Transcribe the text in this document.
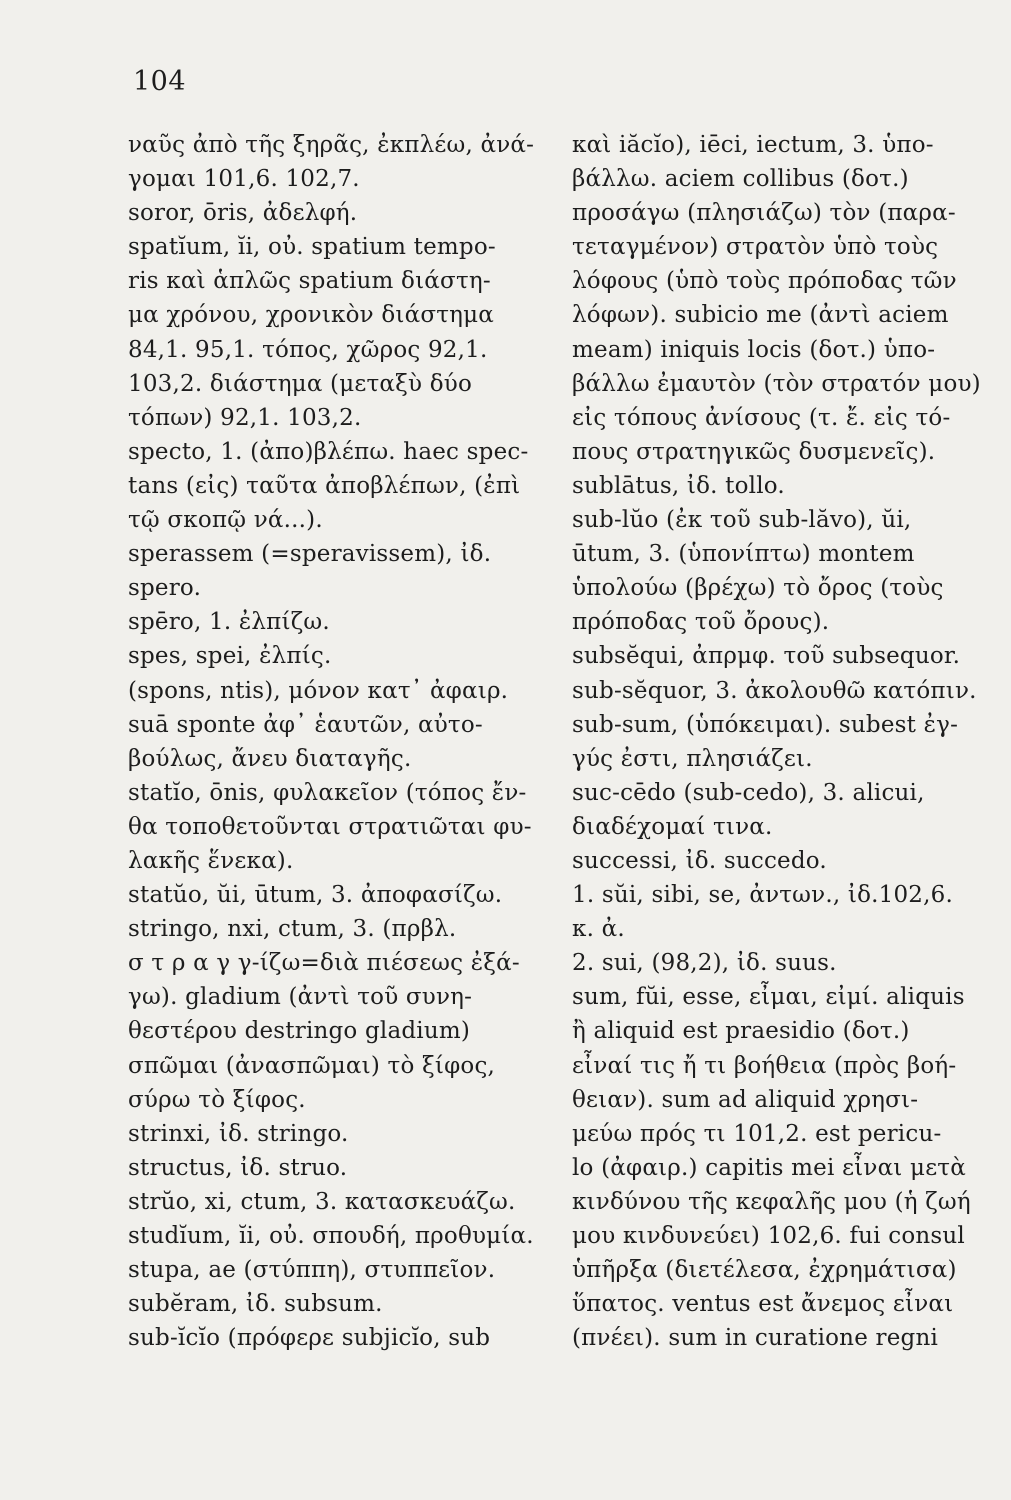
104
ναῦς ἀπὸ τῆς ξηρᾶς, ἐκπλέω, ἀνά-
γομαι 101,6. 102,7.
soror, ōris, ἀδελφή.
spatĭum, ĭi, οὐ. spatium tempo-
ris καὶ ἁπλῶς spatium διάστη-
μα χρόνου, χρονικὸν διάστημα
84,1. 95,1. τόπος, χῶρος 92,1.
103,2. διάστημα (μεταξὺ δύο
τόπων) 92,1. 103,2.
specto, 1. (ἀπο)βλέπω. haec spec-
tans (εἰς) ταῦτα ἀποβλέπων, (ἐπὶ
τῷ σκοπῷ νά...).
sperassem (=speravissem), ἰδ.
spero.
spēro, 1. ἐλπίζω.
spes, spei, ἐλπίς.
(spons, ntis), μόνον κατ᾽ ἀφαιρ.
suā sponte ἀφ᾽ ἑαυτῶν, αὐτο-
βούλως, ἄνευ διαταγῆς.
statĭo, ōnis, φυλακεῖον (τόπος ἔν-
θα τοποθετοῦνται στρατιῶται φυ-
λακῆς ἕνεκα).
statŭo, ŭi, ūtum, 3. ἀποφασίζω.
stringo, nxi, ctum, 3. (πρβλ.
σ τ ρ α γ γ-ίζω=διὰ πιέσεως ἐξά-
γω). gladium (ἀντὶ τοῦ συνη-
θεστέρου destringo gladium)
σπῶμαι (ἀνασπῶμαι) τὸ ξίφος,
σύρω τὸ ξίφος.
strinxi, ἰδ. stringo.
structus, ἰδ. struo.
strŭo, xi, ctum, 3. κατασκευάζω.
studĭum, ĭi, οὐ. σπουδή, προθυμία.
stupa, ae (στύππη), στυππεῖον.
subĕram, ἰδ. subsum.
sub-ĭcĭo (πρόφερε subjicĭo, sub
καὶ iăcĭo), iēci, iectum, 3. ὑπο-
βάλλω. aciem collibus (δοτ.)
προσάγω (πλησιάζω) τὸν (παρα-
τεταγμένον) στρατὸν ὑπὸ τοὺς
λόφους (ὑπὸ τοὺς πρόποδας τῶν
λόφων). subicio me (ἀντὶ aciem
meam) iniquis locis (δοτ.) ὑπο-
βάλλω ἐμαυτὸν (τὸν στρατόν μου)
εἰς τόπους ἀνίσους (τ. ἔ. εἰς τό-
πους στρατηγικῶς δυσμενεῖς).
sublātus, ἰδ. tollo.
sub-lŭo (ἐκ τοῦ sub-lăvo), ŭi,
ūtum, 3. (ὑπονίπτω) montem
ὑπολούω (βρέχω) τὸ ὄρος (τοὺς
πρόποδας τοῦ ὄρους).
subsĕqui, ἀπρμφ. τοῦ subsequor.
sub-sĕquor, 3. ἀκολουθῶ κατόπιν.
sub-sum, (ὑπόκειμαι). subest ἐγ-
γύς ἐστι, πλησιάζει.
suc-cēdo (sub-cedo), 3. alicui,
διαδέχομαί τινα.
successi, ἰδ. succedo.
1. sŭi, sibi, se, ἀντων., ἰδ.102,6.
κ. ἀ.
2. sui, (98,2), ἰδ. suus.
sum, fŭi, esse, εἶμαι, εἰμί. aliquis
ἢ aliquid est praesidio (δοτ.)
εἶναί τις ἤ τι βοήθεια (πρὸς βοή-
θειαν). sum ad aliquid χρησι-
μεύω πρός τι 101,2. est pericu-
lo (ἀφαιρ.) capitis mei εἶναι μετὰ
κινδύνου τῆς κεφαλῆς μου (ἡ ζωή
μου κινδυνεύει) 102,6. fui consul
ὑπῆρξα (διετέλεσα, ἐχρημάτισα)
ὕπατος. ventus est ἄνεμος εἶναι
(πνέει). sum in curatione regni
